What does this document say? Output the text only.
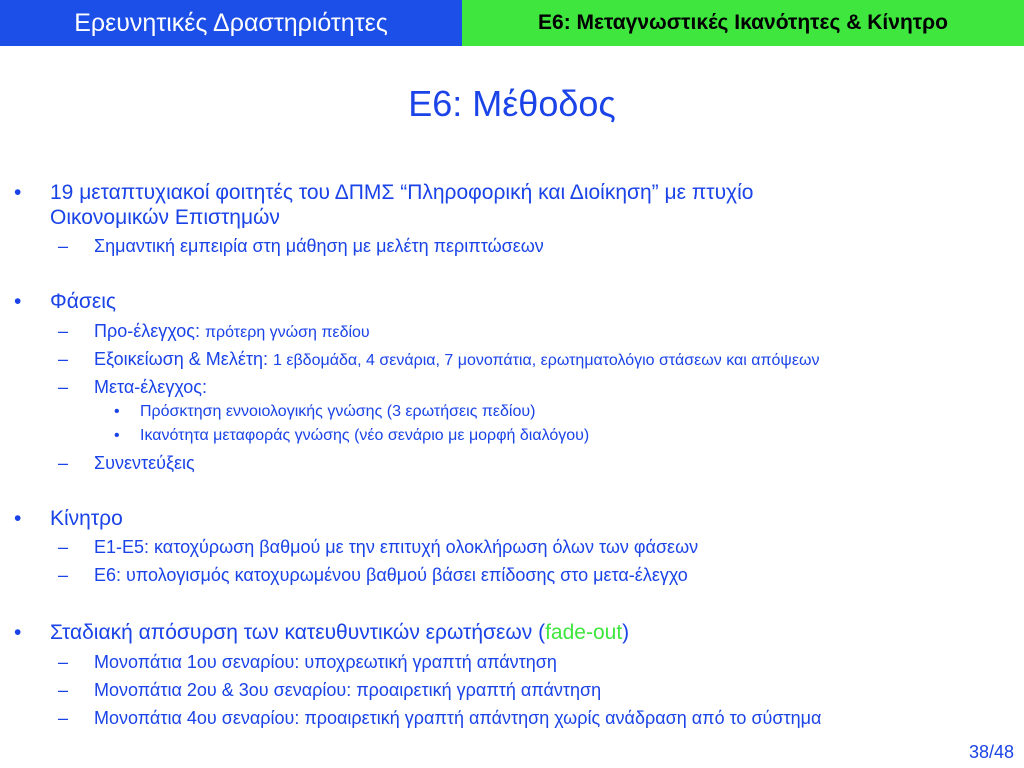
Ερευνητικές Δραστηριότητες	E6: Μεταγνωστικές Ικανότητες & Κίνητρο
E6: Μέθοδος
• 19 μεταπτυχιακοί φοιτητές του ΔΠΜΣ “Πληροφορική και Διοίκηση” με πτυχίο
Οικονομικών Επιστημών
– Σημαντική εμπειρία στη μάθηση με μελέτη περιπτώσεων
• Φάσεις
– Προ-έλεγχος: πρότερη γνώση πεδίου
– Εξοικείωση & Μελέτη: 1 εβδομάδα, 4 σενάρια, 7 μονοπάτια, ερωτηματολόγιο στάσεων και απόψεων
– Μετα-έλεγχος:
• Πρόσκτηση εννοιολογικής γνώσης (3 ερωτήσεις πεδίου)
• Ικανότητα μεταφοράς γνώσης (νέο σενάριο με μορφή διαλόγου)
– Συνεντεύξεις
• Κίνητρο
– E1-E5: κατοχύρωση βαθμού με την επιτυχή ολοκλήρωση όλων των φάσεων
– E6: υπολογισμός κατοχυρωμένου βαθμού βάσει επίδοσης στο μετα-έλεγχο
• Σταδιακή απόσυρση των κατευθυντικών ερωτήσεων (fade-out)
– Μονοπάτια 1ου σεναρίου: υποχρεωτική γραπτή απάντηση
– Μονοπάτια 2ου & 3ου σεναρίου: προαιρετική γραπτή απάντηση
– Μονοπάτια 4ου σεναρίου: προαιρετική γραπτή απάντηση χωρίς ανάδραση από το σύστημα
38/48
